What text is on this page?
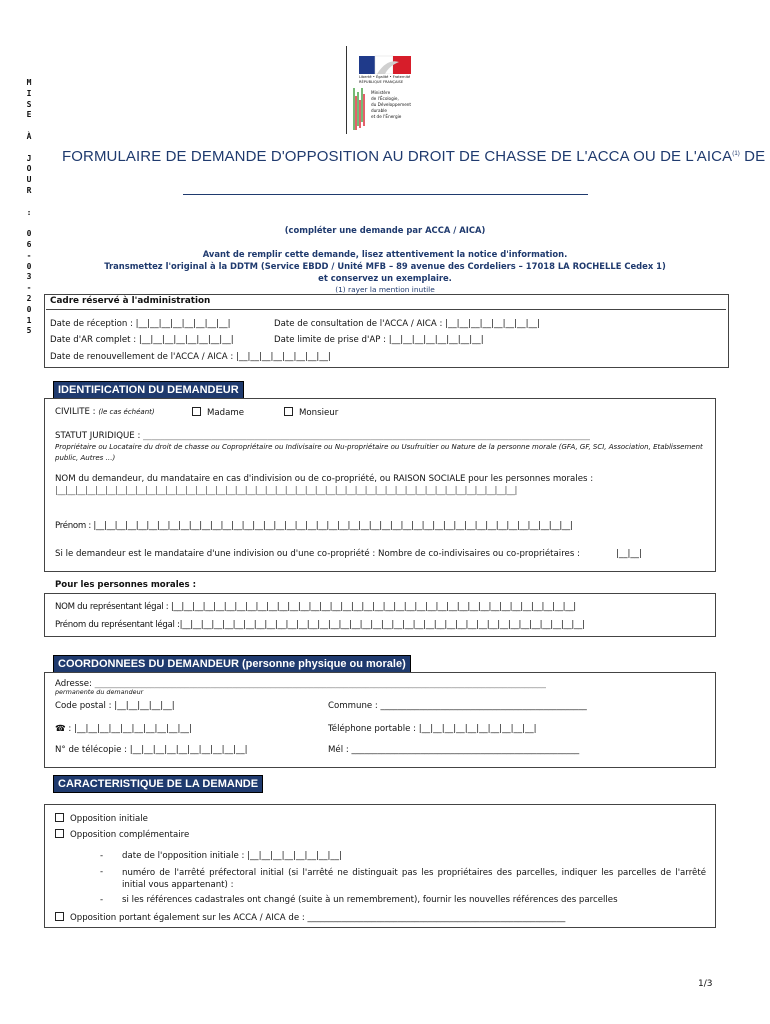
M
I
S
E

À

J
O
U
R

:

0
6
-
0
3
-
2
0
1
5
Liberté • Égalité • Fraternité
RÉPUBLIQUE FRANÇAISE
Ministère
de l'Écologie,
du Développement
durable
et de l'Énergie
FORMULAIRE DE DEMANDE D'OPPOSITION AU DROIT DE CHASSE DE L'ACCA OU DE L'AICA$^{(1)}$ DE
(compléter une demande par ACCA / AICA)
Avant de remplir cette demande, lisez attentivement la notice d'information.
Transmettez l'original à la DDTM (Service EBDD / Unité MFB – 89 avenue des Cordeliers – 17018 LA ROCHELLE Cedex 1)
et conservez un exemplaire.
(1) rayer la mention inutile
Cadre réservé à l'administration
Date de réception : |__|__|__|__|__|__|__|__|	Date de consultation de l'ACCA / AICA : |__|__|__|__|__|__|__|__|
Date d'AR complet : |__|__|__|__|__|__|__|__|	Date limite de prise d'AP : |__|__|__|__|__|__|__|__|
Date de renouvellement de l'ACCA / AICA : |__|__|__|__|__|__|__|__|
IDENTIFICATION DU DEMANDEUR
CIVILITE : (le cas échéant)	Madame	Monsieur
STATUT JURIDIQUE : ________________________________________________________________________________________________________
Propriétaire ou Locataire du droit de chasse ou Copropriétaire ou Indivisaire ou Nu-propriétaire ou Usufruitier ou Nature de la personne morale (GFA, GF, SCI, Association, Etablissement public, Autres …)
NOM du demandeur, du mandataire en cas d'indivision ou de co-propriété, ou RAISON SOCIALE pour les personnes morales :
|__|__|__|__|__|__|__|__|__|__|__|__|__|__|__|__|__|__|__|__|__|__|__|__|__|__|__|__|__|__|__|__|__|__|__|__|__|__|__|__|__|__|__|__|__|__|
Prénom : |__|__|__|__|__|__|__|__|__|__|__|__|__|__|__|__|__|__|__|__|__|__|__|__|__|__|__|__|__|__|__|__|__|__|__|__|__|__|__|__|__|__|__|__|__|
Si le demandeur est le mandataire d'une indivision ou d'une co-propriété : Nombre de co-indivisaires ou co-propriétaires :	|__|__|
Pour les personnes morales :
NOM du représentant légal : |__|__|__|__|__|__|__|__|__|__|__|__|__|__|__|__|__|__|__|__|__|__|__|__|__|__|__|__|__|__|__|__|__|__|__|__|__|__|
Prénom du représentant légal :|__|__|__|__|__|__|__|__|__|__|__|__|__|__|__|__|__|__|__|__|__|__|__|__|__|__|__|__|__|__|__|__|__|__|__|__|__|__|
COORDONNEES DU DEMANDEUR (personne physique ou morale)
Adresse: _________________________________________________________________________________________________________
permanente du demandeur
Code postal : |__|__|__|__|__|	Commune : ________________________________________________
☎ : |__|__|__|__|__|__|__|__|__|__|	Téléphone portable : |__|__|__|__|__|__|__|__|__|__|
N° de télécopie : |__|__|__|__|__|__|__|__|__|__|	Mél : _____________________________________________________
CARACTERISTIQUE DE LA DEMANDE
Opposition initiale
Opposition complémentaire
- date de l'opposition initiale : |__|__|__|__|__|__|__|__|
- numéro de l'arrêté préfectoral initial (si l'arrêté ne distinguait pas les propriétaires des parcelles, indiquer les parcelles de l'arrêté initial vous appartenant) :
- si les références cadastrales ont changé (suite à un remembrement), fournir les nouvelles références des parcelles
Opposition portant également sur les ACCA / AICA de : ____________________________________________________________
1/3
